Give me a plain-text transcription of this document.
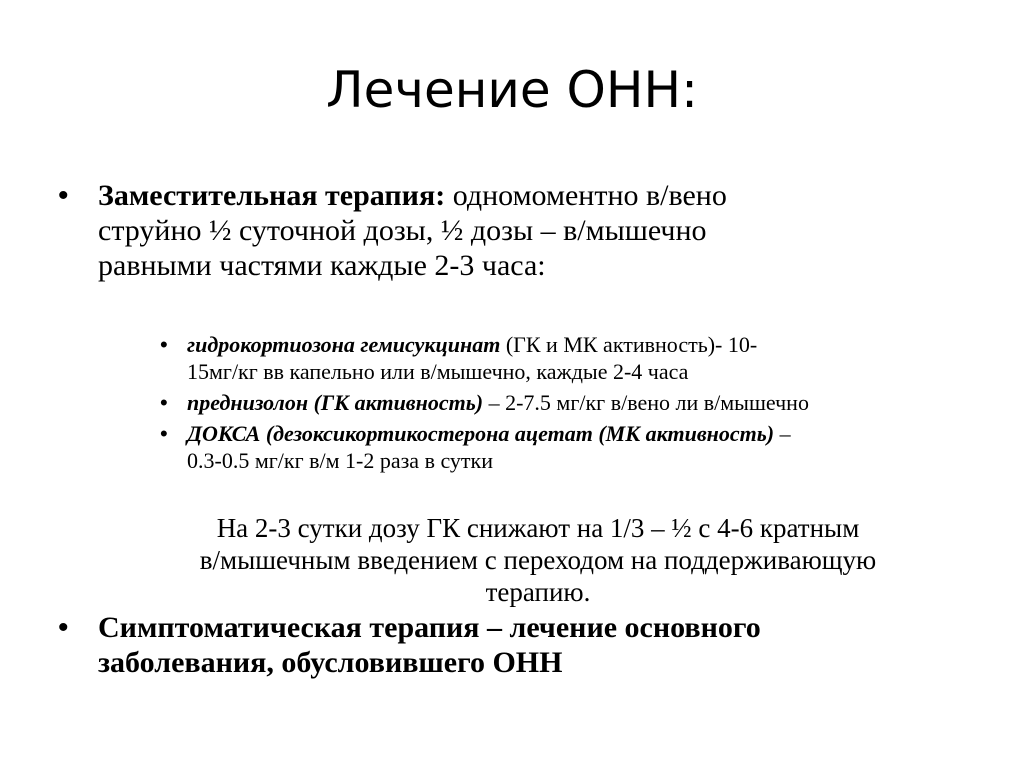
Лечение ОНН:
• Заместительная терапия: одномоментно в/вено
струйно ½ суточной дозы, ½ дозы – в/мышечно
равными частями каждые 2-3 часа:
• гидрокортиозона гемисукцинат (ГК и МК активность)- 10-
15мг/кг вв капельно или в/мышечно, каждые 2-4 часа
• преднизолон (ГК активность) – 2-7.5 мг/кг в/вено ли в/мышечно
• ДОКСА (дезоксикортикостерона ацетат (МК активность) –
0.3-0.5 мг/кг в/м 1-2 раза в сутки
На 2-3 сутки дозу ГК снижают на 1/3 – ½ с 4-6 кратным
в/мышечным введением с переходом на поддерживающую
терапию.
• Симптоматическая терапия – лечение основного
заболевания, обусловившего ОНН
